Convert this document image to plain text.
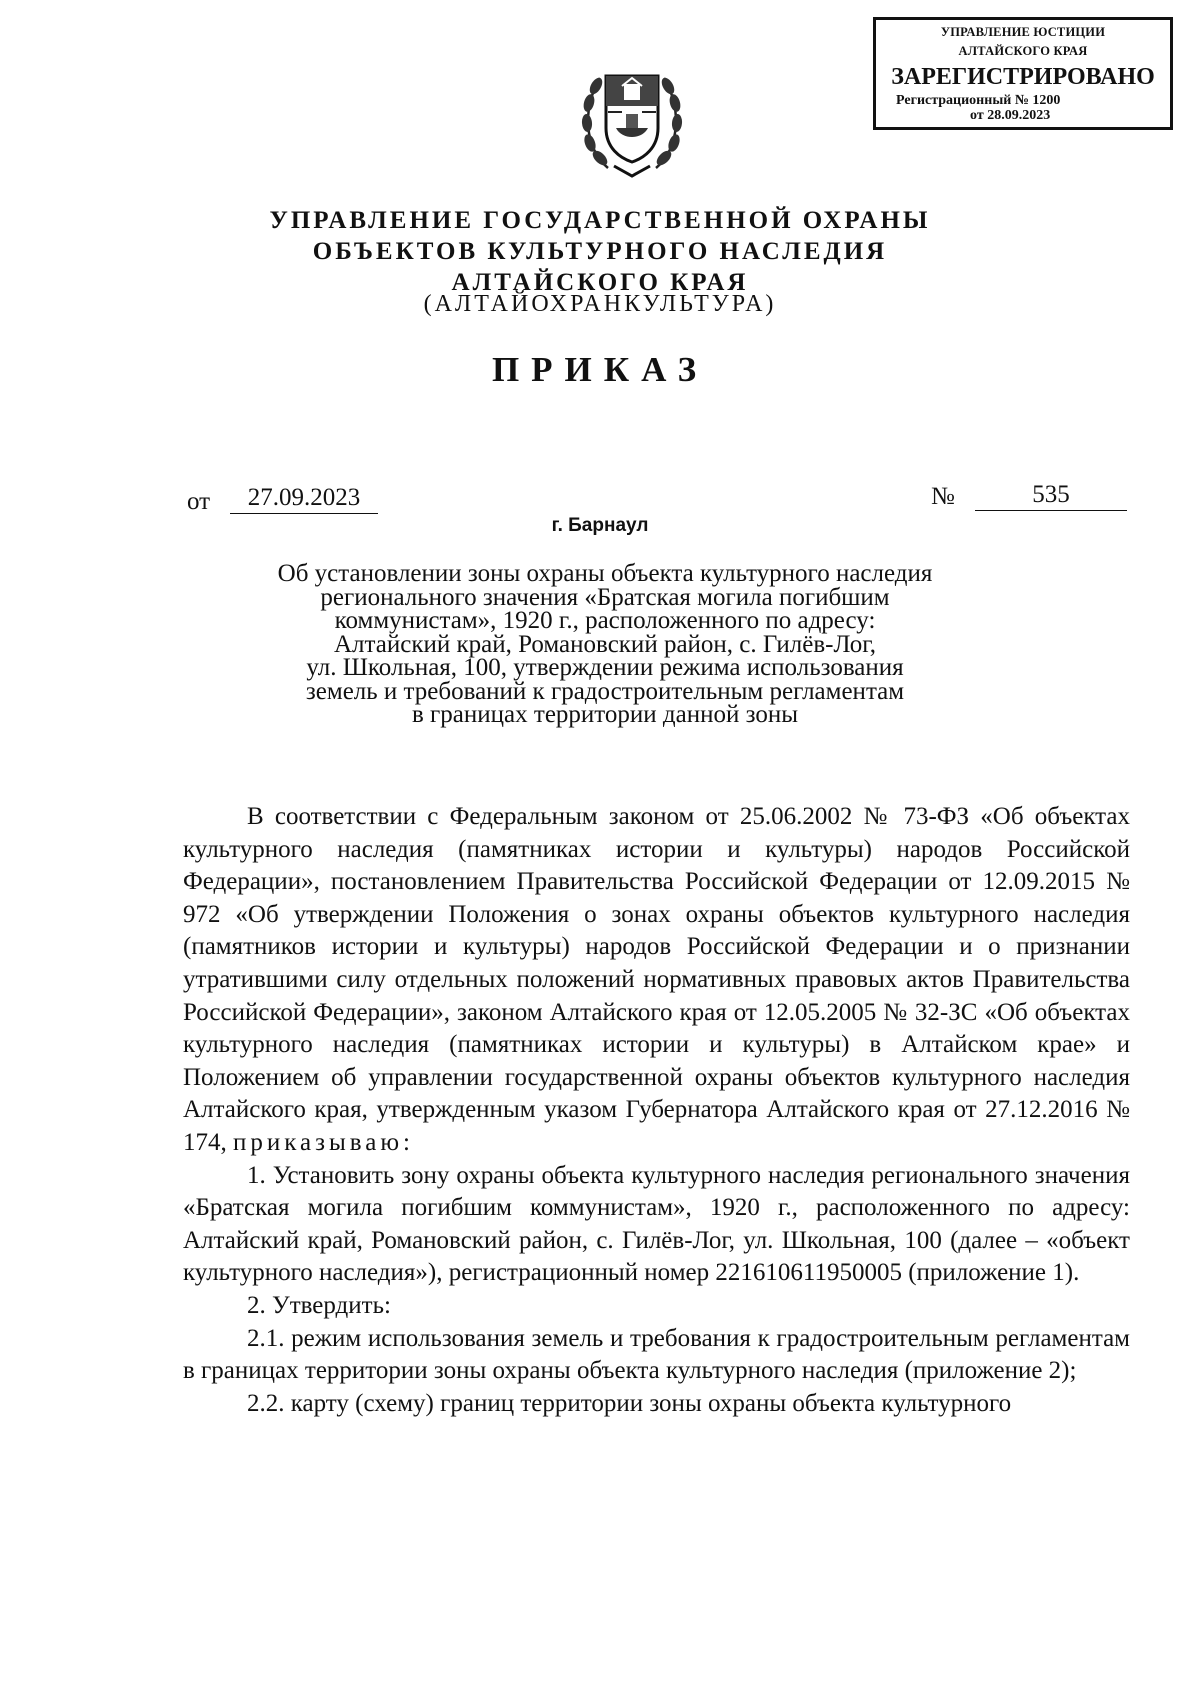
УПРАВЛЕНИЕ ЮСТИЦИИ
АЛТАЙСКОГО КРАЯ
ЗАРЕГИСТРИРОВАНО
Регистрационный № 1200
от 28.09.2023
УПРАВЛЕНИЕ ГОСУДАРСТВЕННОЙ ОХРАНЫ
ОБЪЕКТОВ КУЛЬТУРНОГО НАСЛЕДИЯ
АЛТАЙСКОГО КРАЯ
(АЛТАЙОХРАНКУЛЬТУРА)
ПРИКАЗ
от	27.09.2023	№	535
г. Барнаул
Об установлении зоны охраны объекта культурного наследия
регионального значения «Братская могила погибшим
коммунистам», 1920 г., расположенного по адресу:
Алтайский край, Романовский район, с. Гилёв-Лог,
ул. Школьная, 100, утверждении режима использования
земель и требований к градостроительным регламентам
в границах территории данной зоны

В соответствии с Федеральным законом от 25.06.2002 № 73-ФЗ «Об объектах культурного наследия (памятниках истории и культуры) народов Российской Федерации», постановлением Правительства Российской Федерации от 12.09.2015 № 972 «Об утверждении Положения о зонах охраны объектов культурного наследия (памятников истории и культуры) народов Российской Федерации и о признании утратившими силу отдельных положений нормативных правовых актов Правительства Российской Федерации», законом Алтайского края от 12.05.2005 № 32-ЗС «Об объектах культурного наследия (памятниках истории и культуры) в Алтайском крае» и Положением об управлении государственной охраны объектов культурного наследия Алтайского края, утвержденным указом Губернатора Алтайского края от 27.12.2016 № 174, приказываю:

1. Установить зону охраны объекта культурного наследия регионального значения «Братская могила погибшим коммунистам», 1920 г., расположенного по адресу: Алтайский край, Романовский район, с. Гилёв-Лог, ул. Школьная, 100 (далее – «объект культурного наследия»), регистрационный номер 221610611950005 (приложение 1).

2. Утвердить:

2.1. режим использования земель и требования к градостроительным регламентам в границах территории зоны охраны объекта культурного наследия (приложение 2);

2.2. карту (схему) границ территории зоны охраны объекта культурного
